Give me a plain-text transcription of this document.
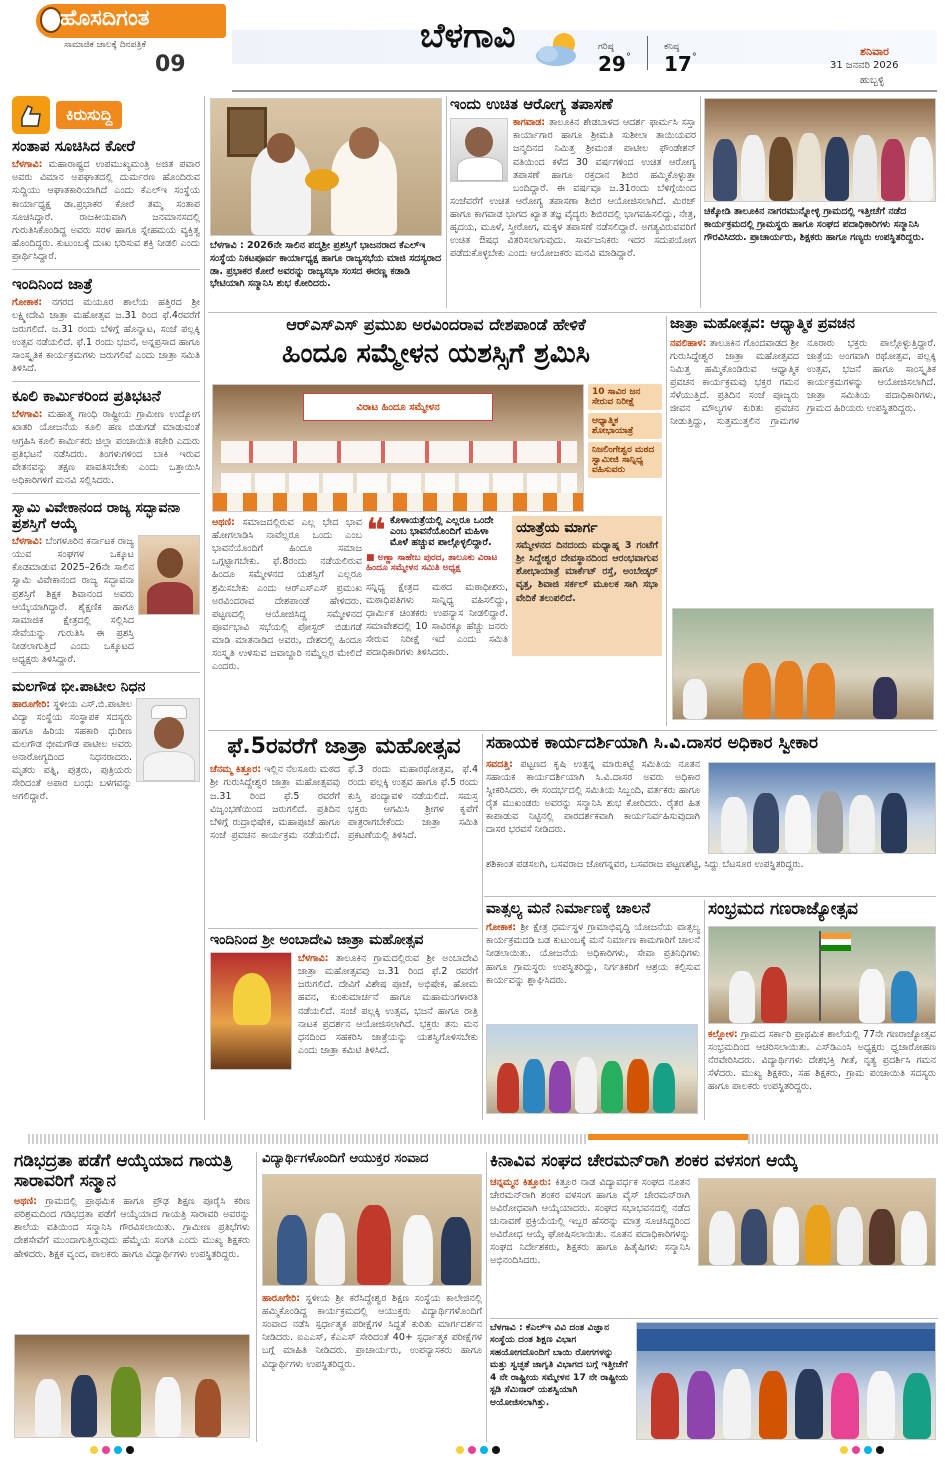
ಹೊಸದಿಗಂತ
ಸಾಮಾಜಿಕ ಜಾಲಕ್ಕೆ ದಿನಪತ್ರಿಕೆ
09
ಬೆಳಗಾವಿ	ಗರಿಷ್ಠ
29°
ಕನಿಷ್ಠ
17°	ಶನಿವಾರ
31 ಜನವರಿ 2026
ಹುಬ್ಬಳ್ಳಿ
ಕಿರುಸುದ್ದಿ
ಸಂತಾಪ ಸೂಚಿಸಿದ ಕೋರೆ
ಬೆಳಗಾವಿ: ಮಹಾರಾಷ್ಟ್ರದ ಉಪಮುಖ್ಯಮಂತ್ರಿ ಅಜಿತ ಪವಾರ ಅವರು ವಿಮಾನ ಅಪಘಾತದಲ್ಲಿ ದುರ್ಮರಣ ಹೊಂದಿರುವ ಸುದ್ದಿಯು ಆಘಾತಕಾರಿಯಾಗಿದೆ ಎಂದು ಕೆಎಲ್ಇ ಸಂಸ್ಥೆಯ ಕಾರ್ಯಾಧ್ಯಕ್ಷ ಡಾ.ಪ್ರಭಾಕರ ಕೋರೆ ತಮ್ಮ ಸಂತಾಪ ಸೂಚಿಸಿದ್ದಾರೆ. ರಾಜಕೀಯವಾಗಿ ಜನಮಾನಸದಲ್ಲಿ ಗುರುತಿಸಿಕೊಂಡಿದ್ದ ಅವರು ಸರಳ ಹಾಗೂ ಸ್ನೇಹಮಯ ವ್ಯಕ್ತಿತ್ವ ಹೊಂದಿದ್ದರು. ಕುಟುಂಬಕ್ಕೆ ದುಃಖ ಭರಿಸುವ ಶಕ್ತಿ ನೀಡಲಿ ಎಂದು ಪ್ರಾರ್ಥಿಸಿದ್ದಾರೆ.
ಇಂದಿನಿಂದ ಜಾತ್ರೆ
ಗೋಕಾಕ: ನಗರದ ಮಯೂರ ಶಾಲೆಯ ಹತ್ತಿರದ ಶ್ರೀ ಲಕ್ಷ್ಮೀದೇವಿ ಜಾತ್ರಾ ಮಹೋತ್ಸವ ಜ.31 ರಿಂದ ಫೆ.4ರವರೆಗೆ ಜರುಗಲಿದೆ. ಜ.31 ರಂದು ಬೆಳಿಗ್ಗೆ ಹೊನ್ನಾಟ, ಸಂಜೆ ಪಲ್ಲಕ್ಕಿ ಉತ್ಸವ ನಡೆಯಲಿದೆ. ಫೆ.1 ರಂದು ಭಜನೆ, ಅನ್ನಪ್ರಸಾದ ಹಾಗೂ ಸಾಂಸ್ಕೃತಿಕ ಕಾರ್ಯಕ್ರಮಗಳು ಜರುಗಲಿವೆ ಎಂದು ಜಾತ್ರಾ ಸಮಿತಿ ತಿಳಿಸಿದೆ.
ಕೂಲಿ ಕಾರ್ಮಿಕರಿಂದ ಪ್ರತಿಭಟನೆ
ಬೆಳಗಾವಿ: ಮಹಾತ್ಮ ಗಾಂಧಿ ರಾಷ್ಟ್ರೀಯ ಗ್ರಾಮೀಣ ಉದ್ಯೋಗ ಖಾತರಿ ಯೋಜನೆಯ ಕೂಲಿ ಹಣ ಬಿಡುಗಡೆ ಮಾಡುವಂತೆ ಆಗ್ರಹಿಸಿ ಕೂಲಿ ಕಾರ್ಮಿಕರು ಜಿಲ್ಲಾ ಪಂಚಾಯಿತಿ ಕಚೇರಿ ಎದುರು ಪ್ರತಿಭಟನೆ ನಡೆಸಿದರು. ತಿಂಗಳುಗಳಿಂದ ಬಾಕಿ ಇರುವ ವೇತನವನ್ನು ತಕ್ಷಣ ಪಾವತಿಸಬೇಕು ಎಂದು ಒತ್ತಾಯಿಸಿ ಅಧಿಕಾರಿಗಳಿಗೆ ಮನವಿ ಸಲ್ಲಿಸಿದರು.
ಸ್ವಾಮಿ ವಿವೇಕಾನಂದ ರಾಜ್ಯ ಸದ್ಭಾವನಾ ಪ್ರಶಸ್ತಿಗೆ ಆಯ್ಕೆ
ಬೆಳಗಾವಿ: ಬೆಂಗಳೂರಿನ ಕರ್ನಾಟಕ ರಾಜ್ಯ ಯುವ ಸಂಘಗಳ ಒಕ್ಕೂಟ ಕೊಡಮಾಡುವ 2025–26ನೇ ಸಾಲಿನ ಸ್ವಾಮಿ ವಿವೇಕಾನಂದ ರಾಜ್ಯ ಸದ್ಭಾವನಾ ಪ್ರಶಸ್ತಿಗೆ ಶಿಕ್ಷಕ ಶಿವಾನಂದ ಅವರು ಆಯ್ಕೆಯಾಗಿದ್ದಾರೆ. ಶೈಕ್ಷಣಿಕ ಹಾಗೂ ಸಾಮಾಜಿಕ ಕ್ಷೇತ್ರದಲ್ಲಿ ಸಲ್ಲಿಸಿದ ಸೇವೆಯನ್ನು ಗುರುತಿಸಿ ಈ ಪ್ರಶಸ್ತಿ ನೀಡಲಾಗುತ್ತಿದೆ ಎಂದು ಒಕ್ಕೂಟದ ಅಧ್ಯಕ್ಷರು ತಿಳಿಸಿದ್ದಾರೆ.
ಮಲಗೌಡ ಭೀ.ಪಾಟೀಲ ನಿಧನ
ಹಾರೂಗೇರಿ: ಸ್ಥಳೀಯ ಎಸ್.ಬಿ.ಪಾಟೀಲ ವಿದ್ಯಾ ಸಂಸ್ಥೆಯ ಸಂಸ್ಥಾಪಕ ಸದಸ್ಯರು ಹಾಗೂ ಹಿರಿಯ ಸಹಕಾರಿ ಧುರೀಣ ಮಲಗೌಡ ಭೀಮಗೌಡ ಪಾಟೀಲ ಅವರು ಅನಾರೋಗ್ಯದಿಂದ ನಿಧನರಾದರು. ಮೃತರು ಪತ್ನಿ, ಪುತ್ರರು, ಪುತ್ರಿಯರು ಸೇರಿದಂತೆ ಅಪಾರ ಬಂಧು ಬಳಗವನ್ನು ಅಗಲಿದ್ದಾರೆ.
ಬೆಳಗಾವಿ : 2026ನೇ ಸಾಲಿನ ಪದ್ಮಶ್ರೀ ಪ್ರಶಸ್ತಿಗೆ ಭಾಜನರಾದ ಕೆಎಲ್ಇ ಸಂಸ್ಥೆಯ ನಿಕಟಪೂರ್ವ ಕಾರ್ಯಾಧ್ಯಕ್ಷ ಹಾಗೂ ರಾಜ್ಯಸಭೆಯ ಮಾಜಿ ಸದಸ್ಯರಾದ ಡಾ. ಪ್ರಭಾಕರ ಕೋರೆ ಅವರನ್ನು ರಾಜ್ಯಸಭಾ ಸಂಸದ ಈರಣ್ಣ ಕಡಾಡಿ ಭೇಟಿಯಾಗಿ ಸನ್ಮಾನಿಸಿ ಶುಭ ಕೋರಿದರು.
ಇಂದು ಉಚಿತ ಆರೋಗ್ಯ ತಪಾಸಣೆ
ಕಾಗವಾಡ: ತಾಲೂಕಿನ ಶೇಡಬಾಳದ ಆದರ್ಶ ಫಾರ್ಮಸಿ ಸಸ್ತಾ ಕಾರ್ಯಾಗಾರ ಹಾಗೂ ಶ್ರೀಮತಿ ಸುಶೀಲಾ ತಾಯಿಯವರ ಜನ್ಮದಿನದ ನಿಮಿತ್ತ ಶ್ರೀಮಂತ ಪಾಟೀಲ ಫೌಂಡೇಶನ್ ವತಿಯಿಂದ ಕಳೆದ 30 ವರ್ಷಗಳಿಂದ ಉಚಿತ ಆರೋಗ್ಯ ತಪಾಸಣೆ ಹಾಗೂ ರಕ್ತದಾನ ಶಿಬಿರ ಹಮ್ಮಿಕೊಳ್ಳುತ್ತಾ ಬಂದಿದ್ದಾರೆ. ಈ ವರ್ಷವೂ ಜ.31ರಂದು ಬೆಳಿಗ್ಗೆಯಿಂದ ಸಂಜೆವರೆಗೆ ಉಚಿತ ಆರೋಗ್ಯ ತಪಾಸಣಾ ಶಿಬಿರ ಆಯೋಜಿಸಲಾಗಿದೆ. ಮಿರಜ್ ಹಾಗೂ ಕಾಗವಾಡ ಭಾಗದ ಖ್ಯಾತ ತಜ್ಞ ವೈದ್ಯರು ಶಿಬಿರದಲ್ಲಿ ಭಾಗವಹಿಸಲಿದ್ದು, ನೇತ್ರ, ಹೃದಯ, ಮೂಳೆ, ಸ್ತ್ರೀರೋಗ, ಮಕ್ಕಳ ತಪಾಸಣೆ ನಡೆಸಲಿದ್ದಾರೆ. ಅಗತ್ಯವಿರುವವರಿಗೆ ಉಚಿತ ಔಷಧ ವಿತರಿಸಲಾಗುವುದು. ಸಾರ್ವಜನಿಕರು ಇದರ ಸದುಪಯೋಗ ಪಡೆದುಕೊಳ್ಳಬೇಕು ಎಂದು ಆಯೋಜಕರು ಮನವಿ ಮಾಡಿದ್ದಾರೆ.
ಚಿಕ್ಕೋಡಿ ತಾಲೂಕಿನ ನಾಗರಮುನ್ನೋಳ್ಳಿ ಗ್ರಾಮದಲ್ಲಿ ಇತ್ತೀಚೆಗೆ ನಡೆದ ಕಾರ್ಯಕ್ರಮದಲ್ಲಿ ಗ್ರಾಮಸ್ಥರು ಹಾಗೂ ಸಂಘದ ಪದಾಧಿಕಾರಿಗಳು ಸನ್ಮಾನಿಸಿ ಗೌರವಿಸಿದರು. ಪ್ರಾಚಾರ್ಯರು, ಶಿಕ್ಷಕರು ಹಾಗೂ ಗಣ್ಯರು ಉಪಸ್ಥಿತರಿದ್ದರು.
ಆರ್‌ಎಸ್‌ಎಸ್ ಪ್ರಮುಖ ಅರವಿಂದರಾವ ದೇಶಪಾಂಡೆ ಹೇಳಿಕೆ
ಹಿಂದೂ ಸಮ್ಮೇಳನ ಯಶಸ್ಸಿಗೆ ಶ್ರಮಿಸಿ
ವಿರಾಟ ಹಿಂದೂ ಸಮ್ಮೇಳನ
10 ಸಾವಿರ ಜನ ಸೇರುವ ನಿರೀಕ್ಷೆ
ಆಧ್ಯಾತ್ಮಿಕ ಶೋಭಾಯಾತ್ರೆ
ನಿಜಲಿಂಗೇಶ್ವರ ಮಠದ ಸ್ವಾಮೀಜಿ ಸಾನ್ನಿಧ್ಯ ವಹಿಸುವರು
ಅಥಣಿ: ಸಮಾಜದಲ್ಲಿರುವ ಎಲ್ಲ ಭೇದ ಭಾವ ಹೋಗಲಾಡಿಸಿ ನಾವೆಲ್ಲರೂ ಒಂದು ಎಂಬ ಭಾವನೆಯೊಂದಿಗೆ ಹಿಂದೂ ಸಮಾಜ ಒಗ್ಗಟ್ಟಾಗಬೇಕು. ಫೆ.8ರಂದು ನಡೆಯಲಿರುವ ಹಿಂದೂ ಸಮ್ಮೇಳನದ ಯಶಸ್ಸಿಗೆ ಎಲ್ಲರೂ ಶ್ರಮಿಸಬೇಕು ಎಂದು ಆರ್‌ಎಸ್‌ಎಸ್ ಪ್ರಮುಖ ಅರವಿಂದರಾವ ದೇಶಪಾಂಡೆ ಹೇಳಿದರು. ಪಟ್ಟಣದಲ್ಲಿ ಆಯೋಜಿಸಿದ್ದ ಸಮ್ಮೇಳನದ ಪೂರ್ವಭಾವಿ ಸಭೆಯಲ್ಲಿ ಪೋಸ್ಟರ್ ಬಿಡುಗಡೆ ಮಾಡಿ ಮಾತನಾಡಿದ ಅವರು, ದೇಶದಲ್ಲಿ ಹಿಂದೂ ಸಂಸ್ಕೃತಿ ಉಳಿಸುವ ಜವಾಬ್ದಾರಿ ನಮ್ಮೆಲ್ಲರ ಮೇಲಿದೆ ಎಂದರು.
❝ ಕೊಳಾಯತ್ರೆಯಲ್ಲಿ ಎಲ್ಲರೂ ಒಂದೇ ಎಂಬ ಭಾವನೆಯೊಂದಿಗೆ ಮಹಿಳಾ ಮೊಳೆ ಹಚ್ಚುವ ಪಾಲ್ಗೊಳ್ಳಲಿದ್ದಾರೆ.
■ ಅಣ್ಣಾ ಸಾಹೇಬ ಪುರದ, ತಾಲೂಕು ವಿರಾಟ ಹಿಂದೂ ಸಮ್ಮೇಳನ ಸಮಿತಿ ಅಧ್ಯಕ್ಷ
ಸನ್ನಿಧ್ಯ ಕ್ಷೇತ್ರದ ಮಠದ ಮಠಾಧೀಶರು, ಮಠಾಧಿಪತಿಗಳು ಸಾನ್ನಿಧ್ಯ ವಹಿಸಲಿದ್ದು, ಧಾರ್ಮಿಕ ಚಿಂತಕರು ಉಪನ್ಯಾಸ ನೀಡಲಿದ್ದಾರೆ. ಸಮಾವೇಶದಲ್ಲಿ 10 ಸಾವಿರಕ್ಕೂ ಹೆಚ್ಚು ಜನರು ಸೇರುವ ನಿರೀಕ್ಷೆ ಇದೆ ಎಂದು ಸಮಿತಿ ಪದಾಧಿಕಾರಿಗಳು ತಿಳಿಸಿದರು.
ಯಾತ್ರೆಯ ಮಾರ್ಗ
ಸಮ್ಮೇಳನದ ದಿನದಂದು ಮಧ್ಯಾಹ್ನ 3 ಗಂಟೆಗೆ ಶ್ರೀ ಸಿದ್ದೇಶ್ವರ ದೇವಸ್ಥಾನದಿಂದ ಆರಂಭವಾಗುವ ಶೋಭಾಯಾತ್ರೆ ಮಾರ್ಕೆಟ್ ರಸ್ತೆ, ಅಂಬೇಡ್ಕರ್ ವೃತ್ತ, ಶಿವಾಜಿ ಸರ್ಕಲ್ ಮೂಲಕ ಸಾಗಿ ಸಭಾ ವೇದಿಕೆ ತಲುಪಲಿದೆ.
ಜಾತ್ರಾ ಮಹೋತ್ಸವ: ಆಧ್ಯಾತ್ಮಿಕ ಪ್ರವಚನ
ನವಲಿಹಾಳ: ತಾಲೂಕಿನ ಗೊಂದವಾಡದ ಶ್ರೀ ಗುರುಸಿದ್ಧೇಶ್ವರ ಜಾತ್ರಾ ಮಹೋತ್ಸವದ ನಿಮಿತ್ತ ಹಮ್ಮಿಕೊಂಡಿರುವ ಆಧ್ಯಾತ್ಮಿಕ ಪ್ರವಚನ ಕಾರ್ಯಕ್ರಮವು ಭಕ್ತರ ಗಮನ ಸೆಳೆಯುತ್ತಿದೆ. ಪ್ರತಿದಿನ ಸಂಜೆ ಪೂಜ್ಯರು ಜೀವನ ಮೌಲ್ಯಗಳ ಕುರಿತು ಪ್ರವಚನ ನೀಡುತ್ತಿದ್ದು, ಸುತ್ತಮುತ್ತಲಿನ ಗ್ರಾಮಗಳ ನೂರಾರು ಭಕ್ತರು ಪಾಲ್ಗೊಳ್ಳುತ್ತಿದ್ದಾರೆ. ಜಾತ್ರೆಯ ಅಂಗವಾಗಿ ರಥೋತ್ಸವ, ಪಲ್ಲಕ್ಕಿ ಉತ್ಸವ, ಭಜನೆ ಹಾಗೂ ಸಾಂಸ್ಕೃತಿಕ ಕಾರ್ಯಕ್ರಮಗಳನ್ನು ಆಯೋಜಿಸಲಾಗಿದೆ. ಜಾತ್ರಾ ಸಮಿತಿಯ ಪದಾಧಿಕಾರಿಗಳು, ಗ್ರಾಮದ ಹಿರಿಯರು ಉಪಸ್ಥಿತರಿದ್ದರು.
ಫೆ.5ರವರೆಗೆ ಜಾತ್ರಾ ಮಹೋತ್ಸವ
ಚೆನಮ್ಮ ಕಿತ್ತೂರ: ಇಲ್ಲಿನ ನೆಲಸೂರು ಮಠದ ಶ್ರೀ ಗುರುಸಿದ್ದೇಶ್ವರ ಜಾತ್ರಾ ಮಹೋತ್ಸವವು ಜ.31 ರಿಂದ ಫೆ.5 ರವರೆಗೆ ವಿಜೃಂಭಣೆಯಿಂದ ಜರುಗಲಿದೆ. ಪ್ರತಿದಿನ ಬೆಳಿಗ್ಗೆ ರುದ್ರಾಭಿಷೇಕ, ಮಹಾಪೂಜೆ ಹಾಗೂ ಸಂಜೆ ಪ್ರವಚನ ಕಾರ್ಯಕ್ರಮ ನಡೆಯಲಿದೆ. ಫೆ.3 ರಂದು ಮಹಾರಥೋತ್ಸವ, ಫೆ.4 ರಂದು ಪಲ್ಲಕ್ಕಿ ಉತ್ಸವ ಹಾಗೂ ಫೆ.5 ರಂದು ಕುಸ್ತಿ ಪಂದ್ಯಾವಳಿ ನಡೆಯಲಿದೆ. ಸಮಸ್ತ ಭಕ್ತರು ಆಗಮಿಸಿ ಶ್ರೀಗಳ ಕೃಪೆಗೆ ಪಾತ್ರರಾಗಬೇಕೆಂದು ಜಾತ್ರಾ ಸಮಿತಿ ಪ್ರಕಟಣೆಯಲ್ಲಿ ತಿಳಿಸಿದೆ.
ಇಂದಿನಿಂದ ಶ್ರೀ ಅಂಬಾದೇವಿ ಜಾತ್ರಾ ಮಹೋತ್ಸವ
ಬೆಳಗಾವಿ: ತಾಲೂಕಿನ ಗ್ರಾಮದಲ್ಲಿರುವ ಶ್ರೀ ಅಂಬಾದೇವಿ ಜಾತ್ರಾ ಮಹೋತ್ಸವವು ಜ.31 ರಿಂದ ಫೆ.2 ರವರೆಗೆ ಜರುಗಲಿದೆ. ದೇವಿಗೆ ವಿಶೇಷ ಪೂಜೆ, ಅಭಿಷೇಕ, ಹೋಮ ಹವನ, ಕುಂಕುಮಾರ್ಚನೆ ಹಾಗೂ ಮಹಾಮಂಗಳಾರತಿ ನಡೆಯಲಿದೆ. ಸಂಜೆ ಪಲ್ಲಕ್ಕಿ ಉತ್ಸವ, ಭಜನೆ ಹಾಗೂ ರಾತ್ರಿ ನಾಟಕ ಪ್ರದರ್ಶನ ಆಯೋಜಿಸಲಾಗಿದೆ. ಭಕ್ತರು ತನು ಮನ ಧನದಿಂದ ಸಹಕರಿಸಿ ಜಾತ್ರೆಯನ್ನು ಯಶಸ್ವಿಗೊಳಿಸಬೇಕು ಎಂದು ಜಾತ್ರಾ ಕಮಿಟಿ ತಿಳಿಸಿದೆ.
ಸಹಾಯಕ ಕಾರ್ಯದರ್ಶಿಯಾಗಿ ಸಿ.ವಿ.ದಾಸರ ಅಧಿಕಾರ ಸ್ವೀಕಾರ
ಸವದತ್ತಿ: ಪಟ್ಟಣದ ಕೃಷಿ ಉತ್ಪನ್ನ ಮಾರುಕಟ್ಟೆ ಸಮಿತಿಯ ನೂತನ ಸಹಾಯಕ ಕಾರ್ಯದರ್ಶಿಯಾಗಿ ಸಿ.ವಿ.ದಾಸರ ಅವರು ಅಧಿಕಾರ ಸ್ವೀಕರಿಸಿದರು. ಈ ಸಂದರ್ಭದಲ್ಲಿ ಸಮಿತಿಯ ಸಿಬ್ಬಂದಿ, ವರ್ತಕರು ಹಾಗೂ ರೈತ ಮುಖಂಡರು ಅವರನ್ನು ಸನ್ಮಾನಿಸಿ ಶುಭ ಕೋರಿದರು. ರೈತರ ಹಿತ ಕಾಪಾಡುವ ನಿಟ್ಟಿನಲ್ಲಿ ಪಾರದರ್ಶಕವಾಗಿ ಕಾರ್ಯನಿರ್ವಹಿಸುವುದಾಗಿ ದಾಸರ ಭರವಸೆ ನೀಡಿದರು.
ಶಶಿಕಾಂತ ಪಡಸಲಗಿ, ಬಸವರಾಜ ಜೋಗನ್ನವರ, ಬಸವರಾಜ ಪಟ್ಟಣಶೆಟ್ಟಿ, ಸಿದ್ದು ಬೆಟಸೂರ ಉಪಸ್ಥಿತರಿದ್ದರು.
ವಾತ್ಸಲ್ಯ ಮನೆ ನಿರ್ಮಾಣಕ್ಕೆ ಚಾಲನೆ
ಗೋಕಾಕ: ಶ್ರೀ ಕ್ಷೇತ್ರ ಧರ್ಮಸ್ಥಳ ಗ್ರಾಮಾಭಿವೃದ್ಧಿ ಯೋಜನೆಯ ವಾತ್ಸಲ್ಯ ಕಾರ್ಯಕ್ರಮದಡಿ ಬಡ ಕುಟುಂಬಕ್ಕೆ ಮನೆ ನಿರ್ಮಾಣ ಕಾಮಗಾರಿಗೆ ಚಾಲನೆ ನೀಡಲಾಯಿತು. ಯೋಜನೆಯ ಅಧಿಕಾರಿಗಳು, ಸೇವಾ ಪ್ರತಿನಿಧಿಗಳು ಹಾಗೂ ಗ್ರಾಮಸ್ಥರು ಉಪಸ್ಥಿತರಿದ್ದು, ನಿರ್ಗತಿಕರಿಗೆ ಆಶ್ರಯ ಕಲ್ಪಿಸುವ ಕಾರ್ಯವನ್ನು ಶ್ಲಾಘಿಸಿದರು.
ಸಂಭ್ರಮದ ಗಣರಾಜ್ಯೋತ್ಸವ
ಕಲ್ಲೋಳ: ಗ್ರಾಮದ ಸರ್ಕಾರಿ ಪ್ರಾಥಮಿಕ ಶಾಲೆಯಲ್ಲಿ 77ನೇ ಗಣರಾಜ್ಯೋತ್ಸವ ಸಂಭ್ರಮದಿಂದ ಆಚರಿಸಲಾಯಿತು. ಎಸ್‌ಡಿಎಂಸಿ ಅಧ್ಯಕ್ಷರು ಧ್ವಜಾರೋಹಣ ನೆರವೇರಿಸಿದರು. ವಿದ್ಯಾರ್ಥಿಗಳು ದೇಶಭಕ್ತಿ ಗೀತೆ, ನೃತ್ಯ ಪ್ರದರ್ಶಿಸಿ ಗಮನ ಸೆಳೆದರು. ಮುಖ್ಯ ಶಿಕ್ಷಕರು, ಸಹ ಶಿಕ್ಷಕರು, ಗ್ರಾಮ ಪಂಚಾಯಿತಿ ಸದಸ್ಯರು ಹಾಗೂ ಪಾಲಕರು ಉಪಸ್ಥಿತರಿದ್ದರು.
ಗಡಿಭದ್ರತಾ ಪಡೆಗೆ ಆಯ್ಕೆಯಾದ ಗಾಯತ್ರಿ ಸಾರಾವರಿಗೆ ಸನ್ಮಾನ
ಅಥಣಿ: ಗ್ರಾಮದಲ್ಲಿ ಪ್ರಾಥಮಿಕ ಹಾಗೂ ಪ್ರೌಢ ಶಿಕ್ಷಣ ಪೂರೈಸಿ ಕಠಿಣ ಪರಿಶ್ರಮದಿಂದ ಗಡಿಭದ್ರತಾ ಪಡೆಗೆ ಆಯ್ಕೆಯಾದ ಗಾಯತ್ರಿ ಸಾರಾವರಿ ಅವರನ್ನು ಶಾಲೆಯ ವತಿಯಿಂದ ಸನ್ಮಾನಿಸಿ ಗೌರವಿಸಲಾಯಿತು. ಗ್ರಾಮೀಣ ಪ್ರತಿಭೆಗಳು ದೇಶಸೇವೆಗೆ ಮುಂದಾಗುತ್ತಿರುವುದು ಹೆಮ್ಮೆಯ ಸಂಗತಿ ಎಂದು ಮುಖ್ಯ ಶಿಕ್ಷಕರು ಹೇಳಿದರು. ಶಿಕ್ಷಕ ವೃಂದ, ಪಾಲಕರು ಹಾಗೂ ವಿದ್ಯಾರ್ಥಿಗಳು ಉಪಸ್ಥಿತರಿದ್ದರು.
ವಿದ್ಯಾರ್ಥಿಗಳೊಂದಿಗೆ ಆಯುಕ್ತರ ಸಂವಾದ
ಹಾರೂಗೇರಿ: ಸ್ಥಳೀಯ ಶ್ರೀ ಕರೆಸಿದ್ದೇಶ್ವರ ಶಿಕ್ಷಣ ಸಂಸ್ಥೆಯ ಕಾಲೇಜಿನಲ್ಲಿ ಹಮ್ಮಿಕೊಂಡಿದ್ದ ಕಾರ್ಯಕ್ರಮದಲ್ಲಿ ಆಯುಕ್ತರು ವಿದ್ಯಾರ್ಥಿಗಳೊಂದಿಗೆ ಸಂವಾದ ನಡೆಸಿ ಸ್ಪರ್ಧಾತ್ಮಕ ಪರೀಕ್ಷೆಗಳ ಸಿದ್ಧತೆ ಕುರಿತು ಮಾರ್ಗದರ್ಶನ ನೀಡಿದರು. ಐಎಎಸ್, ಕೆಎಎಸ್ ಸೇರಿದಂತೆ 40+ ಸ್ಪರ್ಧಾತ್ಮಕ ಪರೀಕ್ಷೆಗಳ ಬಗ್ಗೆ ಮಾಹಿತಿ ನೀಡಿದರು. ಪ್ರಾಚಾರ್ಯರು, ಉಪನ್ಯಾಸಕರು ಹಾಗೂ ವಿದ್ಯಾರ್ಥಿಗಳು ಉಪಸ್ಥಿತರಿದ್ದರು.
ಕಿನಾವಿವ ಸಂಘದ ಚೇರಮನ್‌ರಾಗಿ ಶಂಕರ ವಳಸಂಗ ಆಯ್ಕೆ
ಚನ್ನಮ್ಮನ ಕಿತ್ತೂರು: ಕಿತ್ತೂರ ನಾಡ ವಿದ್ಯಾವರ್ಧಕ ಸಂಘದ ನೂತನ ಚೇರಮನ್‌ರಾಗಿ ಶಂಕರ ವಳಸಂಗ ಹಾಗೂ ವೈಸ್ ಚೇರಮನ್‌ರಾಗಿ ಅವಿರೋಧವಾಗಿ ಆಯ್ಕೆಯಾದರು. ಸಂಘದ ಸಭಾಭವನದಲ್ಲಿ ನಡೆದ ಚುನಾವಣೆ ಪ್ರಕ್ರಿಯೆಯಲ್ಲಿ ಇಬ್ಬರ ಹೆಸರನ್ನು ಮಾತ್ರ ಸೂಚಿಸಿದ್ದರಿಂದ ಅವಿರೋಧ ಆಯ್ಕೆ ಘೋಷಿಸಲಾಯಿತು. ನೂತನ ಪದಾಧಿಕಾರಿಗಳನ್ನು ಸಂಘದ ನಿರ್ದೇಶಕರು, ಶಿಕ್ಷಕರು ಹಾಗೂ ಹಿತೈಷಿಗಳು ಸನ್ಮಾನಿಸಿ ಅಭಿನಂದಿಸಿದರು.
ಬೆಳಗಾವಿ : ಕೆಎಲ್ಇ ವಿವಿ ದಂತ ವಿಜ್ಞಾನ ಸಂಸ್ಥೆಯ ದಂತ ಶಿಕ್ಷಣ ವಿಭಾಗ ಸಹಯೋಗದೊಂದಿಗೆ ಬಾಯಿ ರೋಗಗಳನ್ನು ಮತ್ತು ಸ್ವಚ್ಛತೆ ಜಾಗೃತಿ ವಿಭಾಗದ ಬಗ್ಗೆ ಇತ್ತೀಚೆಗೆ 4 ನೇ ರಾಷ್ಟ್ರೀಯ ಸಮ್ಮೇಳನ 17 ನೇ ರಾಷ್ಟ್ರೀಯ ಸ್ಟಡಿ ಸೆಮಿನಾರ್ ಯಶಸ್ವಿಯಾಗಿ ಆಯೋಜಿಸಲಾಗಿತ್ತು.
